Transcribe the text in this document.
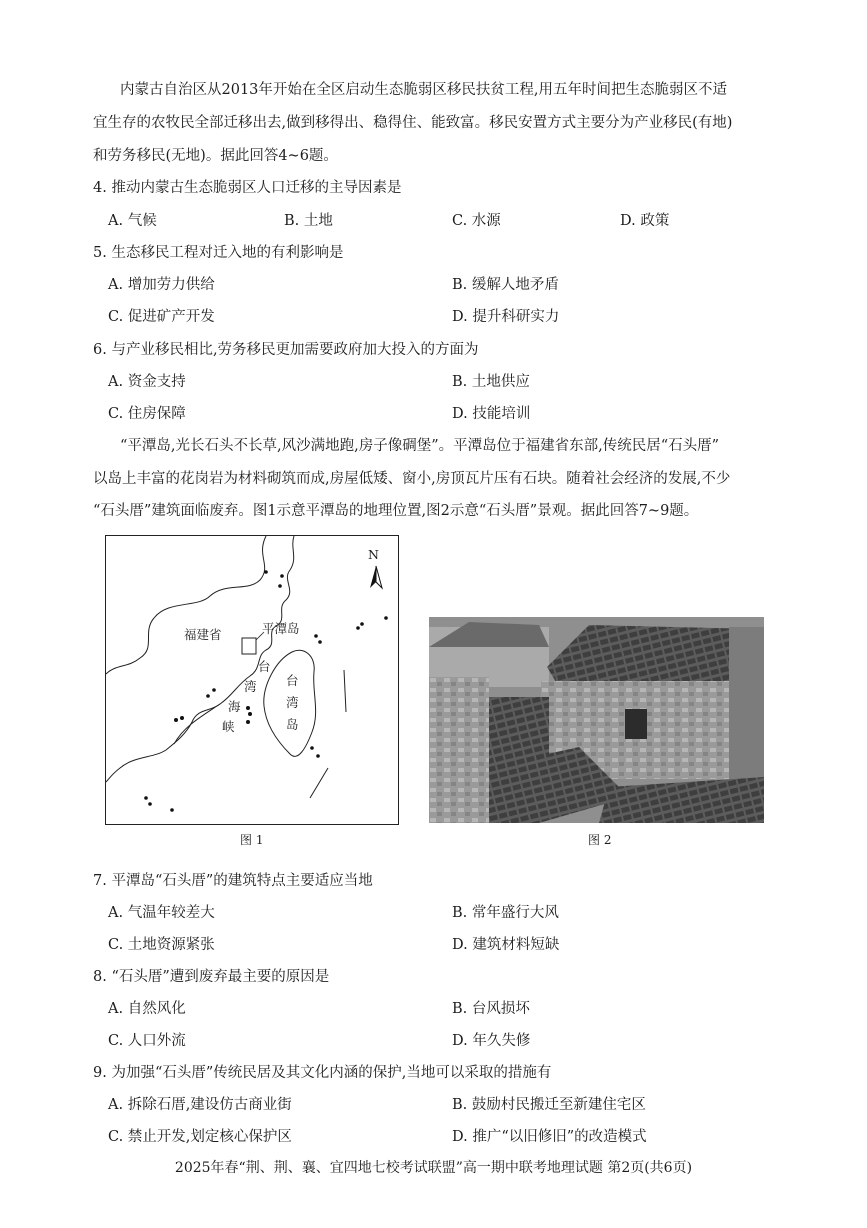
内蒙古自治区从2013年开始在全区启动生态脆弱区移民扶贫工程,用五年时间把生态脆弱区不适
宜生存的农牧民全部迁移出去,做到移得出、稳得住、能致富。移民安置方式主要分为产业移民(有地)
和劳务移民(无地)。据此回答4~6题。
4. 推动内蒙古生态脆弱区人口迁移的主导因素是
A. 气候	B. 土地	C. 水源	D. 政策
5. 生态移民工程对迁入地的有利影响是
A. 增加劳力供给	B. 缓解人地矛盾
C. 促进矿产开发	D. 提升科研实力
6. 与产业移民相比,劳务移民更加需要政府加大投入的方面为
A. 资金支持	B. 土地供应
C. 住房保障	D. 技能培训
“平潭岛,光长石头不长草,风沙满地跑,房子像碉堡”。平潭岛位于福建省东部,传统民居“石头厝”
以岛上丰富的花岗岩为材料砌筑而成,房屋低矮、窗小,房顶瓦片压有石块。随着社会经济的发展,不少
“石头厝”建筑面临废弃。图1示意平潭岛的地理位置,图2示意“石头厝”景观。据此回答7~9题。
N
福建省	平潭岛
台
湾
海
峡
台
湾
岛
图 1	图 2
7. 平潭岛“石头厝”的建筑特点主要适应当地
A. 气温年较差大	B. 常年盛行大风
C. 土地资源紧张	D. 建筑材料短缺
8. “石头厝”遭到废弃最主要的原因是
A. 自然风化	B. 台风损坏
C. 人口外流	D. 年久失修
9. 为加强“石头厝”传统民居及其文化内涵的保护,当地可以采取的措施有
A. 拆除石厝,建设仿古商业街	B. 鼓励村民搬迁至新建住宅区
C. 禁止开发,划定核心保护区	D. 推广“以旧修旧”的改造模式
2025年春“荆、荆、襄、宜四地七校考试联盟”高一期中联考地理试题 第2页(共6页)
